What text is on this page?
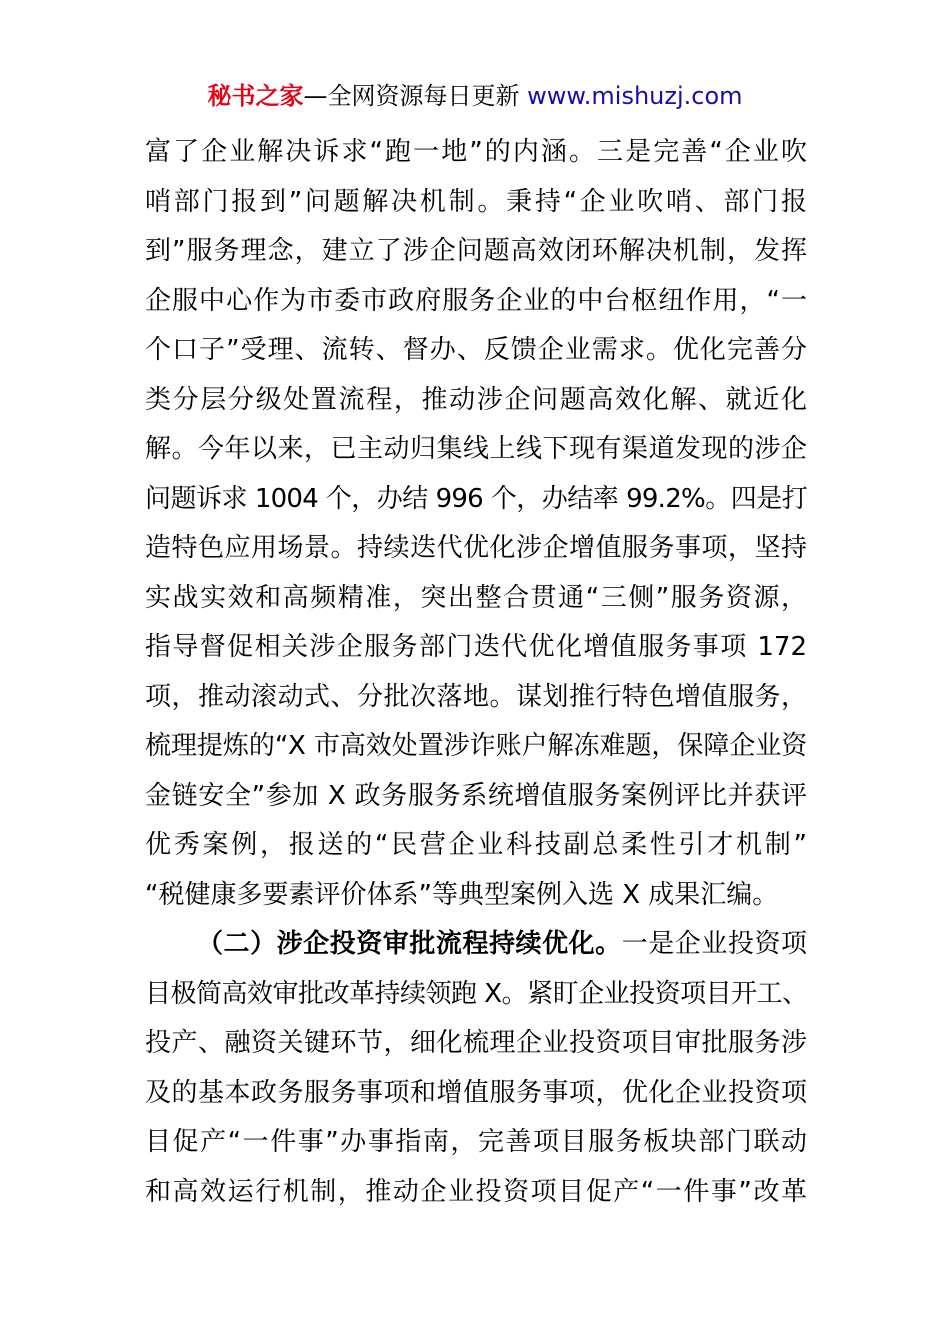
秘书之家—全网资源每日更新 www.mishuzj.com
富了企业解决诉求“跑一地”的内涵。三是完善“企业吹
哨部门报到”问题解决机制。秉持“企业吹哨、部门报
到”服务理念，建立了涉企问题高效闭环解决机制，发挥
企服中心作为市委市政府服务企业的中台枢纽作用，“一
个口子”受理、流转、督办、反馈企业需求。优化完善分
类分层分级处置流程，推动涉企问题高效化解、就近化
解。今年以来，已主动归集线上线下现有渠道发现的涉企
问题诉求 1004 个，办结 996 个，办结率 99.2%。四是打
造特色应用场景。持续迭代优化涉企增值服务事项，坚持
实战实效和高频精准，突出整合贯通“三侧”服务资源，
指导督促相关涉企服务部门迭代优化增值服务事项 172
项，推动滚动式、分批次落地。谋划推行特色增值服务，
梳理提炼的“X 市高效处置涉诈账户解冻难题，保障企业资
金链安全”参加 X 政务服务系统增值服务案例评比并获评
优秀案例，报送的“民营企业科技副总柔性引才机制”
“税健康多要素评价体系”等典型案例入选 X 成果汇编。
（二）涉企投资审批流程持续优化。一是企业投资项
目极简高效审批改革持续领跑 X。紧盯企业投资项目开工、
投产、融资关键环节，细化梳理企业投资项目审批服务涉
及的基本政务服务事项和增值服务事项，优化企业投资项
目促产“一件事”办事指南，完善项目服务板块部门联动
和高效运行机制，推动企业投资项目促产“一件事”改革
